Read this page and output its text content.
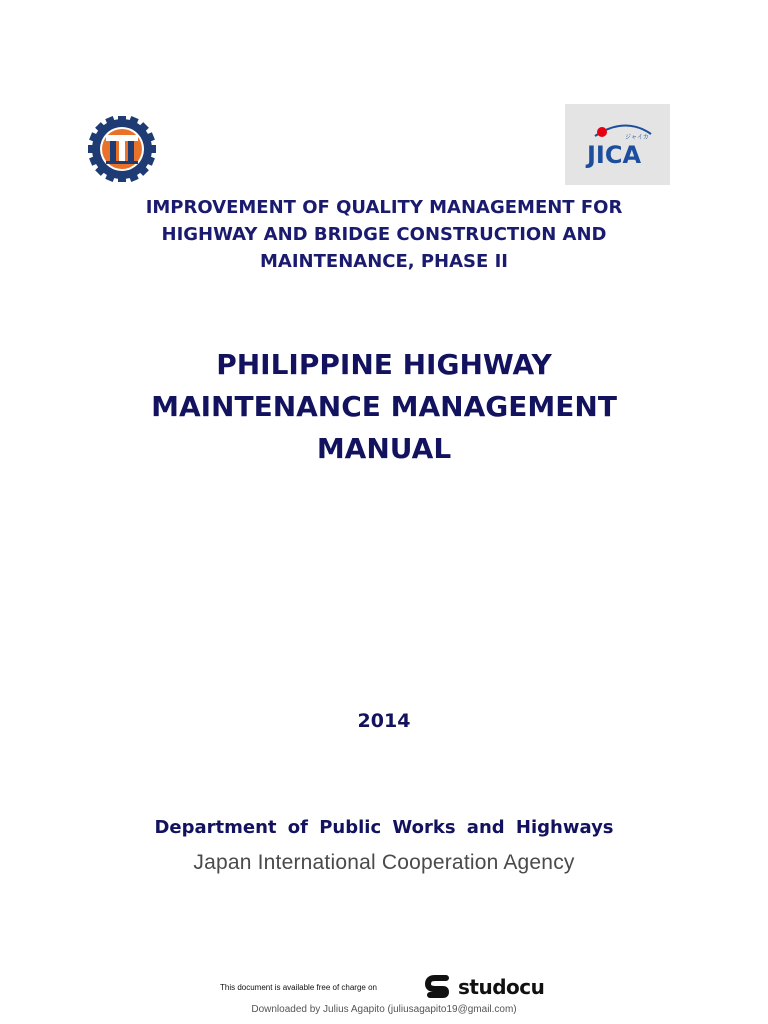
JICA
ジャイカ
IMPROVEMENT OF QUALITY MANAGEMENT FOR
HIGHWAY AND BRIDGE CONSTRUCTION AND
MAINTENANCE, PHASE II
PHILIPPINE HIGHWAY
MAINTENANCE MANAGEMENT
MANUAL
2014
Department of Public Works and Highways
Japan International Cooperation Agency
This document is available free of charge on	studocu
Downloaded by Julius Agapito (juliusagapito19@gmail.com)
